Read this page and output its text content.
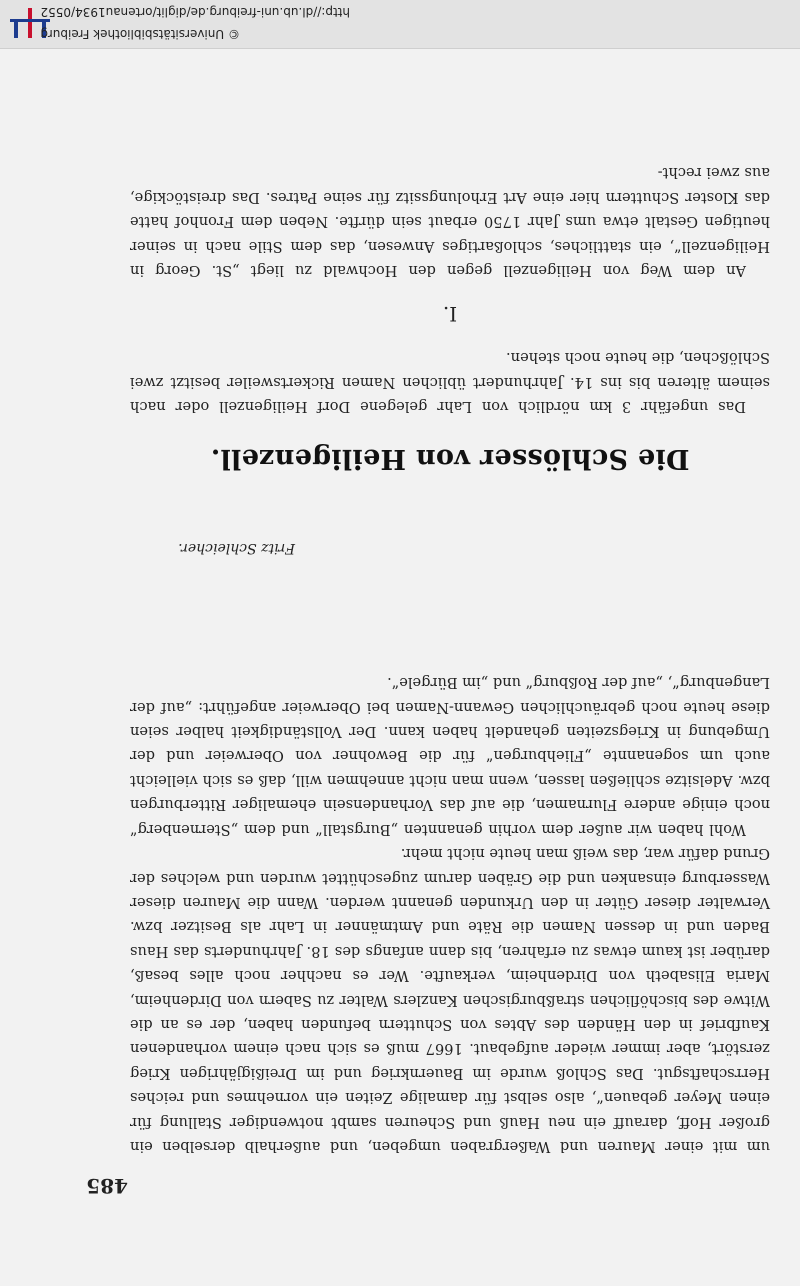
© Universitätsbibliothek Freiburg
http://dl.ub.uni-freiburg.de/diglit/ortenau1934/0552
485

um mit einer Mauren und Waßergraben umgeben, und außerhalb derselben ein großer Hoff, darauff ein neu Hauß und Scheuren sambt notwendiger Stallung für einen Meyer gebauen“, also selbst für damalige Zeiten ein vornehmes und reiches Herrschaftsgut. Das Schloß wurde im Bauernkrieg und im Dreißigjährigen Krieg zerstört, aber immer wieder aufgebaut. 1667 muß es sich nach einem vorhandenen Kaufbrief in den Händen des Abtes von Schuttern befunden haben, der es an die Witwe des bischöflichen straßburgischen Kanzlers Walter zu Sabern von Dirdenheim, Maria Elisabeth von Dirdenheim, verkaufte. Wer es nachher noch alles besaß, darüber ist kaum etwas zu erfahren, bis dann anfangs des 18. Jahrhunderts das Haus Baden und in dessen Namen die Räte und Amtmänner in Lahr als Besitzer bzw. Verwalter dieser Güter in den Urkunden genannt werden. Wann die Mauren dieser Wasserburg einsanken und die Gräben darum zugeschüttet wurden und welches der Grund dafür war, das weiß man heute nicht mehr.

Wohl haben wir außer dem vorhin genannten „Burgstall“ und dem „Sternenberg“ noch einige andere Flurnamen, die auf das Vorhandensein ehemaliger Ritterburgen bzw. Adelsitze schließen lassen, wenn man nicht annehmen will, daß es sich vielleicht auch um sogenannte „Fliehburgen“ für die Bewohner von Oberweier und der Umgebung in Kriegszeiten gehandelt haben kann. Der Vollständigkeit halber seien diese heute noch gebräuchlichen Gewann-Namen bei Oberweier angeführt: „auf der Langenburg“, „auf der Roßburg“ und „im Bürgele“.

Fritz Schleicher.
Die Schlösser von Heiligenzell.

Das ungefähr 3 km nördlich von Lahr gelegene Dorf Heiligenzell oder nach seinem älteren bis ins 14. Jahrhundert üblichen Namen Rickertsweiler besitzt zwei Schlößchen, die heute noch stehen.

I.

An dem Weg von Heiligenzell gegen den Hochwald zu liegt „St. Georg in Heiligenzell“, ein stattliches, schloßartiges Anwesen, das dem Stile nach in seiner heutigen Gestalt etwa ums Jahr 1750 erbaut sein dürfte. Neben dem Fronhof hatte das Kloster Schuttern hier eine Art Erholungssitz für seine Patres. Das dreistöckige, aus zwei recht-
